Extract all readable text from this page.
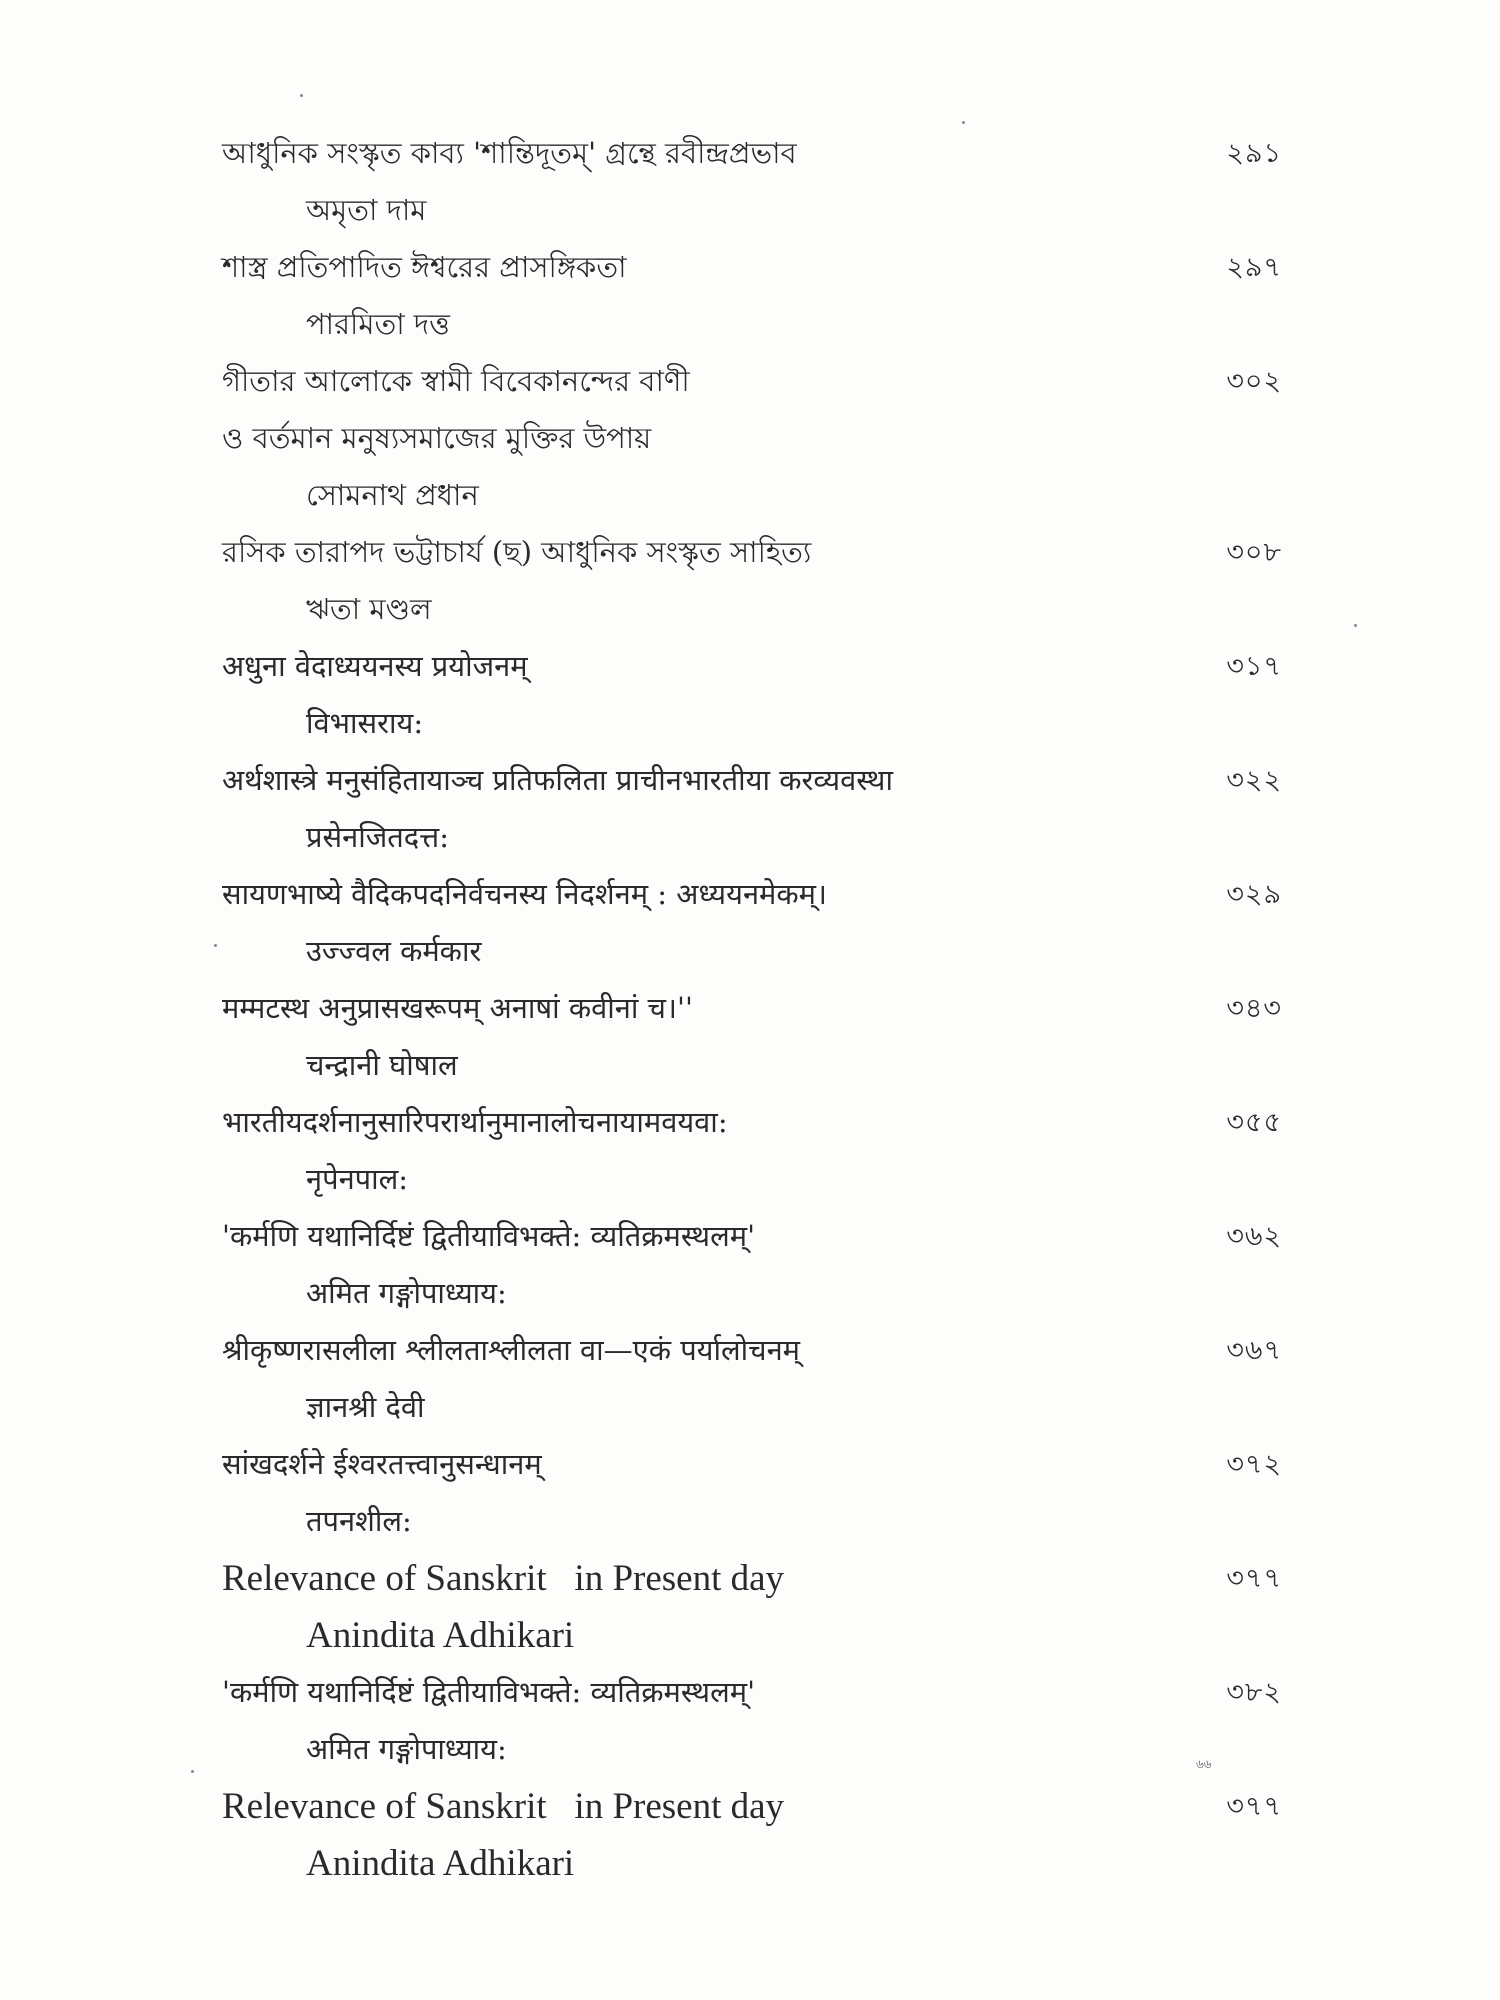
৬৬
আধুনিক সংস্কৃত কাব্য 'শান্তিদূতম্' গ্রন্থে রবীন্দ্রপ্রভাব	২৯১
অমৃতা দাম
শাস্ত্র প্রতিপাদিত ঈশ্বরের প্রাসঙ্গিকতা	২৯৭
পারমিতা দত্ত
গীতার আলোকে স্বামী বিবেকানন্দের বাণী	৩০২
ও বর্তমান মনুষ্যসমাজের মুক্তির উপায়
সোমনাথ প্রধান
রসিক তারাপদ ভট্টাচার্য (ছ) আধুনিক সংস্কৃত সাহিত্য	৩০৮
ঋতা মণ্ডল
अधुना वेदाध्ययनस्य प्रयोजनम्	৩১৭
विभासराय:
अर्थशास्त्रे मनुसंहितायाञ्च प्रतिफलिता प्राचीनभारतीया करव्यवस्था	৩২২
प्रसेनजितदत्त:
सायणभाष्ये वैदिकपदनिर्वचनस्य निदर्शनम् : अध्ययनमेकम्।	৩২৯
उज्ज्वल कर्मकार
मम्मटस्थ अनुप्रासखरूपम् अनाषां कवीनां च।''	৩৪৩
चन्द्रानी घोषाल
भारतीयदर्शनानुसारिपरार्थानुमानालोचनायामवयवा:	৩৫৫
नृपेनपाल:
'कर्मणि यथानिर्दिष्टं द्वितीयाविभक्ते: व्यतिक्रमस्थलम्'	৩৬২
अमित गङ्गोपाध्याय:
श्रीकृष्णरासलीला श्लीलताश्लीलता वा—एकं पर्यालोचनम्	৩৬৭
ज्ञानश्री देवी
सांखदर्शने ईश्वरतत्त्वानुसन्धानम्	৩৭২
तपनशील:
Relevance of Sanskrit   in Present day	৩৭৭
Anindita Adhikari
'कर्मणि यथानिर्दिष्टं द्वितीयाविभक्ते: व्यतिक्रमस्थलम्'	৩৮২
अमित गङ्गोपाध्याय:
Relevance of Sanskrit   in Present day	৩৭৭
Anindita Adhikari
